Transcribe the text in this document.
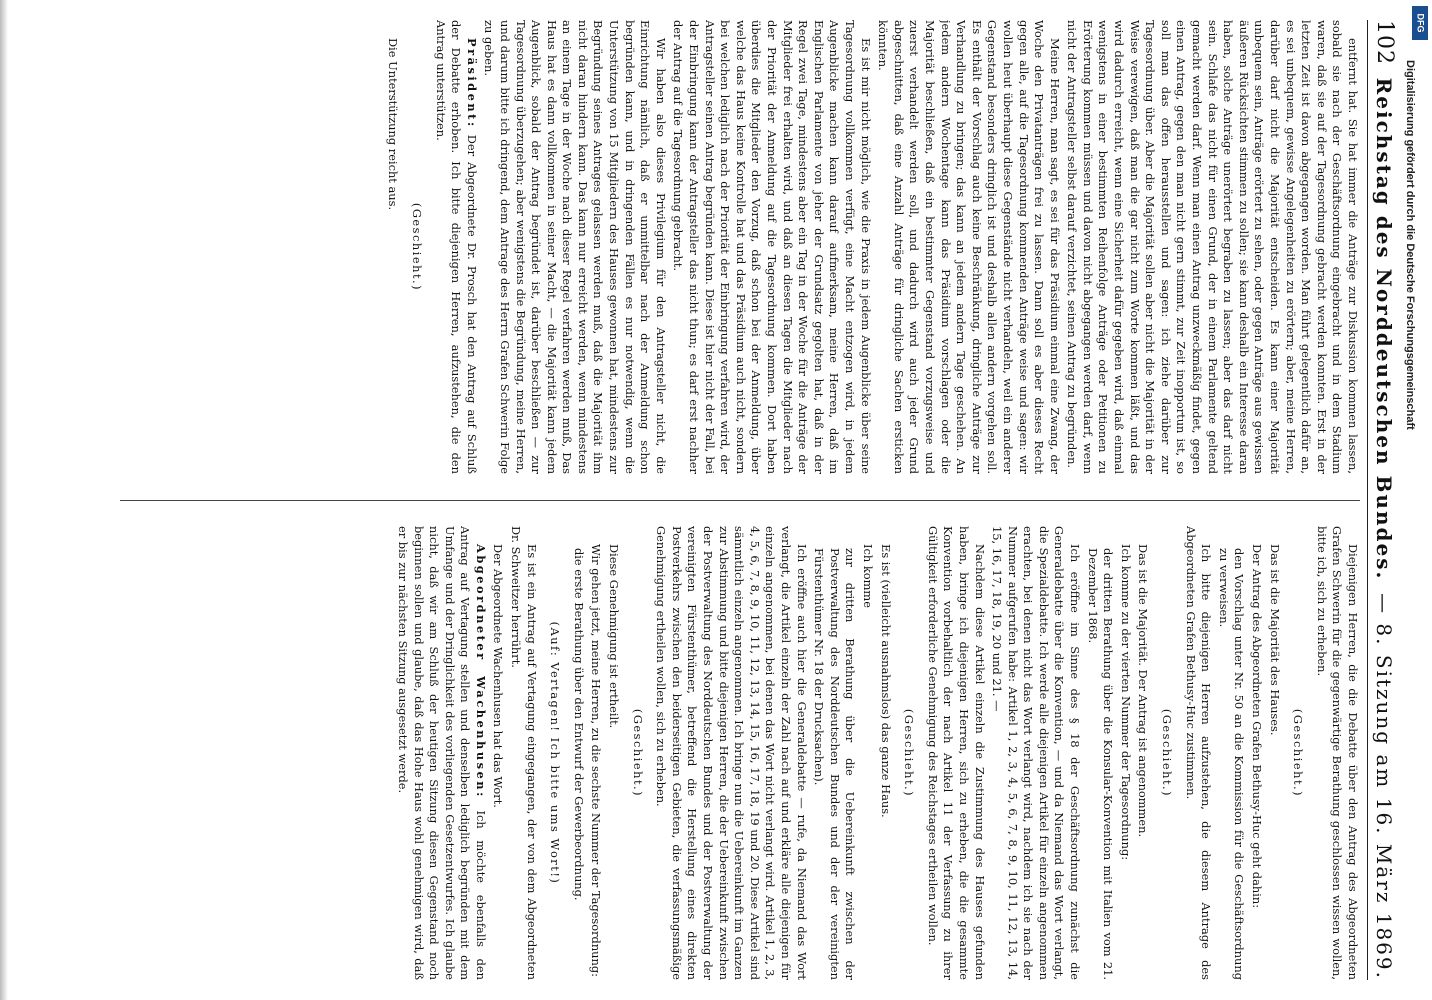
102
Reichstag des Norddeutschen Bundes.
— 8. Sitzung am 16. März 1869.

entfernt hat. Sie hat immer die Anträge zur Diskussion kommen lassen, sobald sie nach der Geschäftsordnung eingebracht und in dem Stadium waren, daß sie auf der Tagesordnung gebracht werden konnten. Erst in der letzten Zeit ist davon abgegangen worden. Man führt gelegentlich dafür an, es sei unbequem, gewisse Angelegenheiten zu erörtern; aber, meine Herren, darüber darf nicht die Majorität entscheiden. Es kann einer Majorität unbequem sein, Anträge erörtert zu sehen, oder gegen Anträge aus gewissen äußeren Rücksichten stimmen zu sollen; sie kann deshalb ein Interesse daran haben, solche Anträge unerörtert begraben zu lassen; aber das darf nicht sein. Schlafe das nicht für einen Grund, der in einem Parlamente geltend gemacht werden darf. Wenn man einen Antrag unzweckmäßig findet, gegen einen Antrag, gegen den man nicht gern stimmt, zur Zeit inopportun ist, so soll man das offen herausstellen und sagen: ich ziehe darüber zur Tagesordnung über. Aber die Majorität sollen aber nicht die Majorität in der Weise verewigen, daß man die gar nicht zum Worte kommen läßt, und das wird dadurch erreicht, wenn eine Sicherheit dafür gegeben wird, daß einmal wenigstens in einer bestimmten Reihenfolge Anträge oder Petitionen zu Erörterung kommen müssen und davon nicht abgegangen werden darf, wenn nicht der Antragsteller selbst darauf verzichtet, seinen Antrag zu begründen.

Meine Herren, man sagt, es sei für das Präsidium einmal eine Zwang, der Woche den Privatanträgen frei zu lassen. Dann soll es aber dieses Recht gegen alle, auf die Tagesordnung kommenden Anträge weise und sagen: wir wollen heut überhaupt diese Gegenstände nicht verhandeln, weil ein anderer Gegenstand besonders dringlich ist und deshalb allen andern vorgehen soll. Es enthält der Vorschlag auch keine Beschränkung, dringliche Anträge zur Verhandlung zu bringen; das kann an jedem andern Tage geschehen. An jedem andern Wochentage kann das Präsidium vorschlagen oder die Majorität beschließen, daß ein bestimmter Gegenstand vorzugsweise und zuerst verhandelt werden soll, und dadurch wird auch jeder Grund abgeschnitten, daß eine Anzahl Anträge für dringliche Sachen ersticken könnten.

Es ist mir nicht möglich, wie die Praxis in jedem Augenblicke über seine Tagesordnung vollkommen verfügt, eine Macht entzogen wird, in jedem Augenblicke machen kann darauf aufmerksam, meine Herren, daß im Englischen Parlamente von jeher der Grundsatz gegolten hat, daß in der Regel zwei Tage, mindestens aber ein Tag in der Woche für die Anträge der Mitglieder frei erhalten wird, und daß an diesen Tagen die Mitglieder nach der Priorität der Anmeldung auf die Tagesordnung kommen. Dort haben überdies die Mitglieder den Vorzug, daß schon bei der Anmeldung, über welche das Haus keine Kontrolle hat und das Präsidium auch nicht, sondern bei welchen lediglich nach der Priorität der Einbringung verfahren wird, der Antragsteller seinen Antrag begründen kann. Diese ist hier nicht der Fall, bei der Einbringung kann der Antragsteller das nicht thun; es darf erst nachher der Antrag auf die Tagesordnung gebracht.

Wir haben also dieses Privilegium für den Antragsteller nicht, die Einrichtung nämlich, daß er unmittelbar nach der Anmeldung schon begründen kann, und in dringenden Fällen es nur notwendig, wenn die Unterstützung von 15 Mitgliedern des Hauses gewonnen hat, mindestens zur Begründung seines Antrages gelassen werden muß, daß die Majorität ihm nicht daran hindern kann. Das kann nur erreicht werden, wenn mindestens an einem Tage in der Woche nach dieser Regel verfahren werden muß, Das Haus hat es dann vollkommen in seiner Macht, — die Majorität kann jedem Augenblick, sobald der Antrag begründet ist, darüber beschließen — zur Tagesordnung überzugehen; aber wenigstens die Begründung, meine Herren, und darum bitte ich dringend, dem Antrage des Herrn Grafen Schwerin Folge zu geben.

Präsident: Der Abgeordnete Dr. Prosch hat den Antrag auf Schluß der Debatte erhoben. Ich bitte diejenigen Herren, aufzustehen, die den Antrag unterstützen.

(Geschieht.)

Die Unterstützung reicht aus.

Diejenigen Herren, die die Debatte über den Antrag des Abgeordneten Grafen Schwerin für die gegenwärtige Berathung geschlossen wissen wollen, bitte ich, sich zu erheben.

(Geschieht.)

Das ist die Majorität des Hauses.

Der Antrag des Abgeordneten Grafen Bethusy-Huc geht dahin:

den Vorschlag unter Nr. 50 an die Kommission für die Geschäftsordnung zu verweisen.

Ich bitte diejenigen Herren aufzustehen, die diesem Antrage des Abgeordneten Grafen Bethusy-Huc zustimmen.

(Geschieht.)

Das ist die Majorität. Der Antrag ist angenommen.

Ich komme zu der vierten Nummer der Tagesordnung:

der dritten Berathung über die Konsular-Konvention mit Italien vom 21. Dezember 1868.

Ich eröffne im Sinne des § 18 der Geschäftsordnung zunächst die Generaldebatte über die Konvention, — und da Niemand das Wort verlangt, die Spezialdebatte. Ich werde alle diejenigen Artikel für einzeln angenommen erachten, bei denen nicht das Wort verlangt wird, nachdem ich sie nach der Nummer aufgerufen habe: Artikel 1, 2, 3, 4, 5, 6, 7, 8, 9, 10, 11, 12, 13, 14, 15, 16, 17, 18, 19, 20 und 21. —

Nachdem diese Artikel einzeln die Zustimmung des Hauses gefunden haben, bringe ich diejenigen Herren, sich zu erheben, die die gesammte Konvention vorbehaltlich der nach Artikel 11 der Verfassung zu ihrer Gültigkeit erforderliche Genehmigung des Reichstages ertheilen wollen.

(Geschieht.)

Es ist (vielleicht ausnahmslos) das ganze Haus.

Ich komme

zur dritten Berathung über die Uebereinkunft zwischen der Postverwaltung des Norddeutschen Bundes und der der vereinigten Fürstenthümer Nr. 18 der Drucksachen).

Ich eröffne auch hier die Generaldebatte — rufe, da Niemand das Wort verlangt, die Artikel einzeln der Zahl nach auf und erkläre alle diejenigen für einzeln angenommen, bei denen das Wort nicht verlangt wird. Artikel 1, 2, 3, 4, 5, 6, 7, 8, 9, 10, 11, 12, 13, 14, 15, 16, 17, 18, 19 und 20. Diese Artikel sind sämmtlich einzeln angenommen. Ich bringe nun die Uebereinkunft im Ganzen zur Abstimmung und bitte diejenigen Herren, die der Uebereinkunft zwischen der Postverwaltung des Norddeutschen Bundes und der Postverwaltung der vereinigten Fürstenthümer, betreffend die Herstellung eines direkten Postverkehrs zwischen den beiderseitigen Gebieten, die verfassungsmäßige Genehmigung ertheilen wollen, sich zu erheben.

(Geschieht.)

Diese Genehmigung ist ertheilt.

Wir gehen jetzt, meine Herren, zu die sechste Nummer der Tagesordnung:

die erste Berathung über den Entwurf der Gewerbeordnung.

(Auf: Vertagen! Ich bitte ums Wort!)

Es ist ein Antrag auf Vertagung eingegangen, der von dem Abgeordneten Dr. Schweitzer herrührt.

Der Abgeordnete Wachenhusen hat das Wort.

Abgeordneter Wachenhusen: Ich möchte ebenfalls den Antrag auf Vertagung stellen und denselben lediglich begründen mit dem Umfange und der Dringlichkeit des vorliegenden Gesetzentwurfes. Ich glaube nicht, daß wir am Schluß der heutigen Sitzung diesen Gegenstand noch beginnen sollen und glaube, daß das Hohe Haus wohl genehmigen wird, daß er bis zur nächsten Sitzung ausgesetzt werde.

Digitalisierung gefördert durch die Deutsche Forschungsgemeinschaft
DFG
